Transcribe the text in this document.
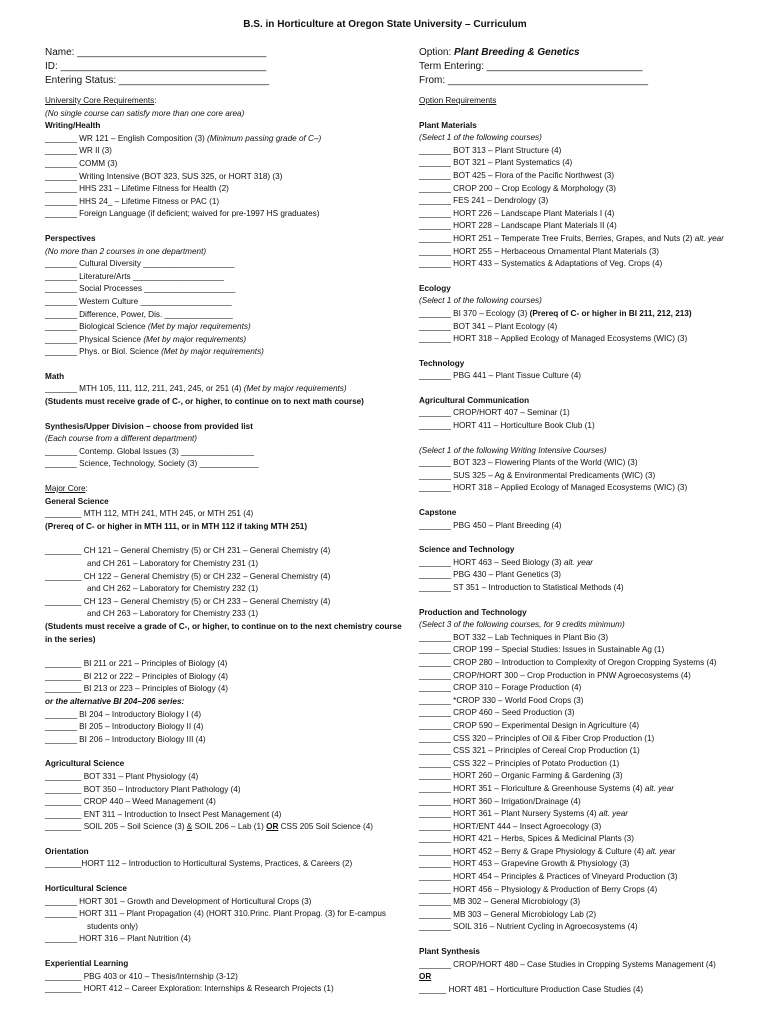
B.S. in Horticulture at Oregon State University – Curriculum
Name: __________________________________
ID: _____________________________________
Entering Status: ___________________________
University Core Requirements:
(No single course can satisfy more than one core area)
Writing/Health
_______ WR 121 – English Composition (3) (Minimum passing grade of C–)
_______ WR II (3)
_______ COMM (3)
_______ Writing Intensive (BOT 323, SUS 325, or HORT 318) (3)
_______ HHS 231 – Lifetime Fitness for Health (2)
_______ HHS 24_ – Lifetime Fitness or PAC (1)
_______ Foreign Language (if deficient; waived for pre-1997 HS graduates)
Perspectives
(No more than 2 courses in one department)
_______ Cultural Diversity ____________________
_______ Literature/Arts ____________________
_______ Social Processes ____________________
_______ Western Culture ____________________
_______ Difference, Power, Dis. _______________
_______ Biological Science (Met by major requirements)
_______ Physical Science (Met by major requirements)
_______ Phys. or Biol. Science (Met by major requirements)
Math
_______ MTH 105, 111, 112, 211, 241, 245, or 251 (4) (Met by major requirements)
(Students must receive grade of C-, or higher, to continue on to next math course)
Synthesis/Upper Division – choose from provided list
(Each course from a different department)
_______ Contemp. Global Issues (3) ________________
_______ Science, Technology, Society (3) _____________
Major Core:
General Science
________ MTH 112, MTH 241, MTH 245, or MTH 251 (4)
(Prereq of C- or higher in MTH 111, or in MTH 112 if taking MTH 251)
________ CH 121 – General Chemistry (5) or CH 231 – General Chemistry (4)
and CH 261 – Laboratory for Chemistry 231 (1)
________ CH 122 – General Chemistry (5) or CH 232 – General Chemistry (4)
and CH 262 – Laboratory for Chemistry 232 (1)
________ CH 123 – General Chemistry (5) or CH 233 – General Chemistry (4)
and CH 263 – Laboratory for Chemistry 233 (1)
(Students must receive a grade of C-, or higher, to continue on to the next chemistry course in the series)
________ BI 211 or 221 – Principles of Biology (4)
________ BI 212 or 222 – Principles of Biology (4)
________ BI 213 or 223 – Principles of Biology (4)
or the alternative BI 204–206 series:
_______ BI 204 – Introductory Biology I (4)
_______ BI 205 – Introductory Biology II (4)
_______ BI 206 – Introductory Biology III (4)
Agricultural Science
________ BOT 331 – Plant Physiology (4)
________ BOT 350 – Introductory Plant Pathology (4)
________ CROP 440 – Weed Management (4)
________ ENT 311 – Introduction to Insect Pest Management (4)
________ SOIL 205 – Soil Science (3) & SOIL 206 – Lab (1) OR CSS 205 Soil Science (4)
Orientation
________HORT 112 – Introduction to Horticultural Systems, Practices, & Careers (2)
Horticultural Science
_______ HORT 301 – Growth and Development of Horticultural Crops (3)
_______ HORT 311 – Plant Propagation (4) (HORT 310.Princ. Plant Propag. (3) for E-campus students only)
_______ HORT 316 – Plant Nutrition (4)
Experiential Learning
________ PBG 403 or 410 – Thesis/Internship (3-12)
________ HORT 412 – Career Exploration: Internships & Research Projects (1)
Option: Plant Breeding & Genetics
Term Entering: ____________________________
From: ____________________________________
Option Requirements
Plant Materials
(Select 1 of the following courses)
_______ BOT 313 – Plant Structure (4)
_______ BOT 321 – Plant Systematics (4)
_______ BOT 425 – Flora of the Pacific Northwest (3)
_______ CROP 200 – Crop Ecology & Morphology (3)
_______ FES 241 – Dendrology (3)
_______ HORT 226 – Landscape Plant Materials I (4)
_______ HORT 228 – Landscape Plant Materials II (4)
_______ HORT 251 – Temperate Tree Fruits, Berries, Grapes, and Nuts (2) alt. year
_______ HORT 255 – Herbaceous Ornamental Plant Materials (3)
_______ HORT 433 – Systematics & Adaptations of Veg. Crops (4)
Ecology
(Select 1 of the following courses)
_______ BI 370 – Ecology (3) (Prereq of C- or higher in BI 211, 212, 213)
_______ BOT 341 – Plant Ecology (4)
_______ HORT 318 – Applied Ecology of Managed Ecosystems (WIC) (3)
Technology
_______ PBG 441 – Plant Tissue Culture (4)
Agricultural Communication
_______ CROP/HORT 407 – Seminar (1)
_______ HORT 411 – Horticulture Book Club (1)
(Select 1 of the following Writing Intensive Courses)
_______ BOT 323 – Flowering Plants of the World (WIC) (3)
_______ SUS 325 – Ag & Environmental Predicaments (WIC) (3)
_______ HORT 318 – Applied Ecology of Managed Ecosystems (WIC) (3)
Capstone
_______ PBG 450 – Plant Breeding (4)
Science and Technology
_______ HORT 463 – Seed Biology (3) alt. year
_______ PBG 430 – Plant Genetics (3)
_______ ST 351 – Introduction to Statistical Methods (4)
Production and Technology
(Select 3 of the following courses, for 9 credits minimum)
_______ BOT 332 – Lab Techniques in Plant Bio (3)
_______ CROP 199 – Special Studies: Issues in Sustainable Ag (1)
_______ CROP 280 – Introduction to Complexity of Oregon Cropping Systems (4)
_______ CROP/HORT 300 – Crop Production in PNW Agroecosystems (4)
_______ CROP 310 – Forage Production (4)
_______ *CROP 330 – World Food Crops (3)
_______ CROP 460 – Seed Production (3)
_______ CROP 590 – Experimental Design in Agriculture (4)
_______ CSS 320 – Principles of Oil & Fiber Crop Production (1)
_______ CSS 321 – Principles of Cereal Crop Production (1)
_______ CSS 322 – Principles of Potato Production (1)
_______ HORT 260 – Organic Farming & Gardening (3)
_______ HORT 351 – Floriculture & Greenhouse Systems (4) alt. year
_______ HORT 360 – Irrigation/Drainage (4)
_______ HORT 361 – Plant Nursery Systems (4) alt. year
_______ HORT/ENT 444 – Insect Agroecology (3)
_______ HORT 421 – Herbs, Spices & Medicinal Plants (3)
_______ HORT 452 – Berry & Grape Physiology & Culture (4) alt. year
_______ HORT 453 – Grapevine Growth & Physiology (3)
_______ HORT 454 – Principles & Practices of Vineyard Production (3)
_______ HORT 456 – Physiology & Production of Berry Crops (4)
_______ MB 302 – General Microbiology (3)
_______ MB 303 – General Microbiology Lab (2)
_______ SOIL 316 – Nutrient Cycling in Agroecosystems (4)
Plant Synthesis
_______ CROP/HORT 480 – Case Studies in Cropping Systems Management (4)
OR
______ HORT 481 – Horticulture Production Case Studies (4)
